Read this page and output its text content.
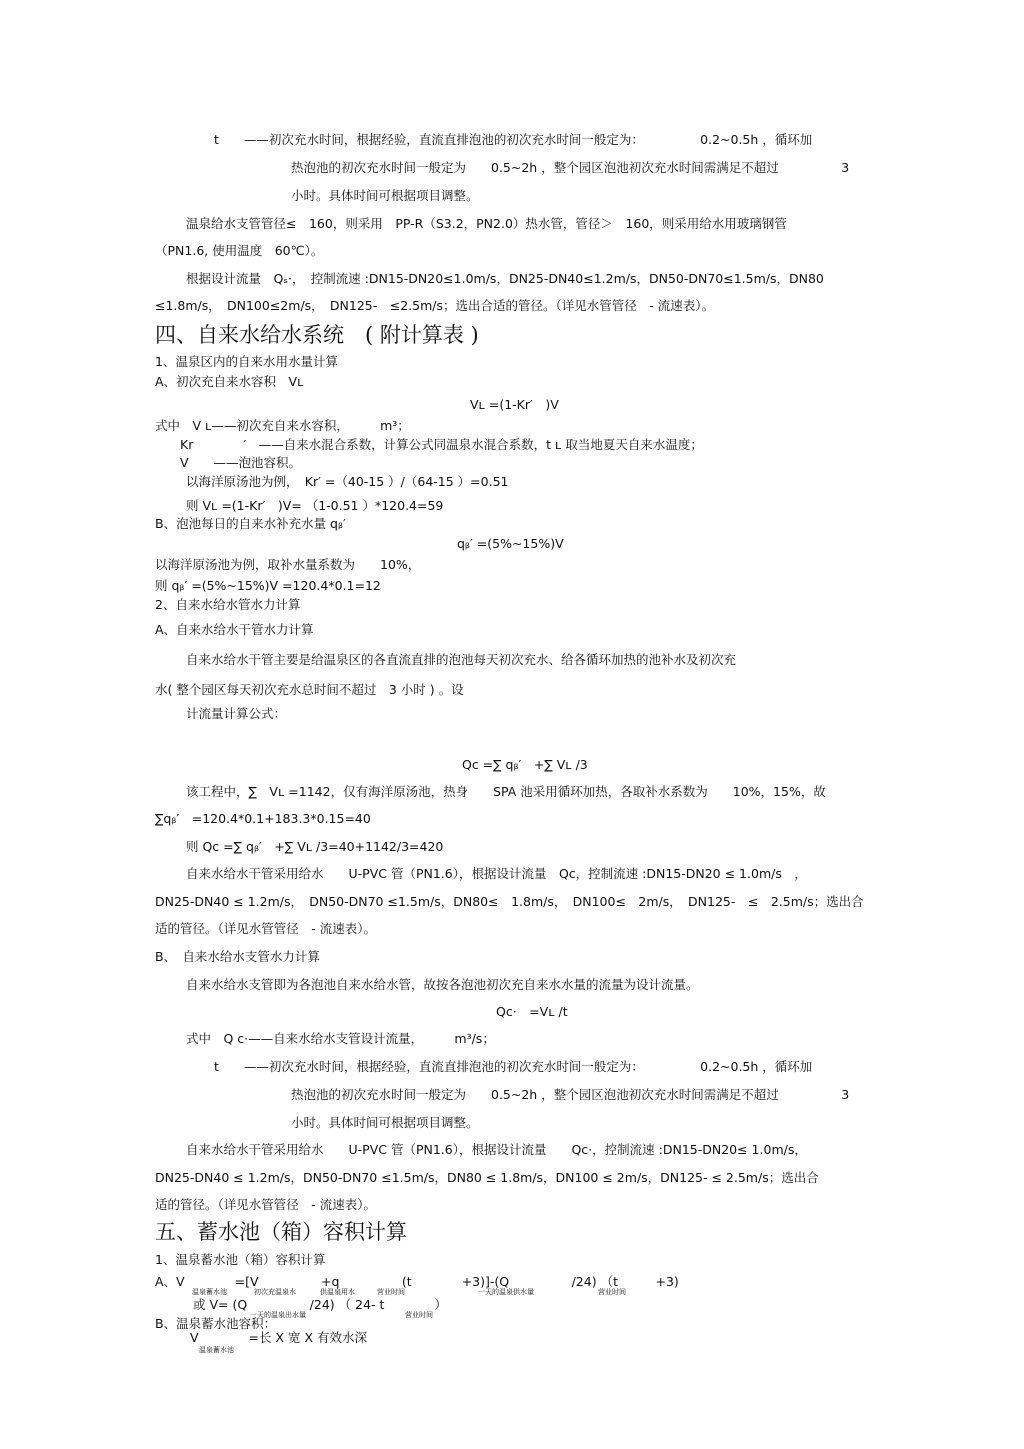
t　　——初次充水时间，根据经验，直流直排泡池的初次充水时间一般定为：　　　　　0.2~0.5h ，循环加
热泡池的初次充水时间一般定为　　0.5~2h ，整个园区泡池初次充水时间需满足不超过　　　　　3
小时。具体时间可根据项目调整。
温泉给水支管管径≤　160，则采用　PP-R（S3.2，PN2.0）热水管，管径＞　160，则采用给水用玻璃钢管
（PN1.6, 使用温度　60℃）。
根据设计流量　Qₛ·，　控制流速 :DN15-DN20≤1.0m/s，DN25-DN40≤1.2m/s，DN50-DN70≤1.5m/s，DN80
≤1.8m/s，　DN100≤2m/s，　DN125-　≤2.5m/s；选出合适的管径。（详见水管管径　- 流速表）。
四、自来水给水系统　( 附计算表 )
1、温泉区内的自来水用水量计算
A、初次充自来水容积　Vʟ
Vʟ =(1-Kr′　)V
式中　V ʟ——初次充自来水容积，　　　m³；
Kr　　　　′　——自来水混合系数，计算公式同温泉水混合系数，t ʟ 取当地夏天自来水温度；
V　　——泡池容积。
以海洋原汤池为例，　Kr′ =（40-15 ）/（64-15 ）=0.51
则 Vʟ =(1-Kr′　)V= （1-0.51 ）*120.4=59
B、泡池每日的自来水补充水量 qᵦ′
qᵦ′ =(5%~15%)V
以海洋原汤池为例，取补水量系数为　　10%，
则 qᵦ′ =(5%~15%)V =120.4*0.1=12
2、自来水给水管水力计算
A、自来水给水干管水力计算
自来水给水干管主要是给温泉区的各直流直排的泡池每天初次充水、给各循环加热的池补水及初次充
水( 整个园区每天初次充水总时间不超过　3 小时 ) 。设
计流量计算公式：
Qc =∑ qᵦ′　+∑ Vʟ /3
该工程中，∑　Vʟ =1142，仅有海洋原汤池，热身　　SPA 池采用循环加热，各取补水系数为　　10%，15%，故
∑qᵦ′　=120.4*0.1+183.3*0.15=40
则 Qc =∑ qᵦ′　+∑ Vʟ /3=40+1142/3=420
自来水给水干管采用给水　　U-PVC 管（PN1.6），根据设计流量　Qc，控制流速 :DN15-DN20 ≤ 1.0m/s　，
DN25-DN40 ≤ 1.2m/s，　DN50-DN70 ≤1.5m/s，DN80≤　1.8m/s，　DN100≤　2m/s，　DN125-　≤　2.5m/s；选出合
适的管径。（详见水管管径　- 流速表）。
B、　自来水给水支管水力计算
自来水给水支管即为各泡池自来水给水管，故按各泡池初次充自来水水量的流量为设计流量。
Qc·　=Vʟ /t
式中　Q c·——自来水给水支管设计流量，　　　m³/s；
t　　——初次充水时间，根据经验，直流直排泡池的初次充水时间一般定为：　　　　　0.2~0.5h ，循环加
热泡池的初次充水时间一般定为　　0.5~2h ，整个园区泡池初次充水时间需满足不超过　　　　　3
小时。具体时间可根据项目调整。
自来水给水干管采用给水　　U-PVC 管（PN1.6），根据设计流量　　Qc·，控制流速 :DN15-DN20≤ 1.0m/s，
DN25-DN40 ≤ 1.2m/s，DN50-DN70 ≤1.5m/s，DN80 ≤ 1.8m/s，DN100 ≤ 2m/s，DN125- ≤ 2.5m/s；选出合
适的管径。（详见水管管径　- 流速表）。
五、蓄水池（箱）容积计算
1、温泉蓄水池（箱）容积计算
A、V　　　　=[V　　　　　+q　　　　　(t　　　　+3)]-(Q　　　　　/24) （t　　　+3)
温泉蓄水池	初次充温泉水	供温泉用水	营业时间	一天的温泉供水量	营业时间
或 V= (Q　　　　　/24) （ 24- t　　　　）
一天的温泉出水量	营业时间
B、温泉蓄水池容积：
V　　　　=长 X 宽 X 有效水深
温泉蓄水池
